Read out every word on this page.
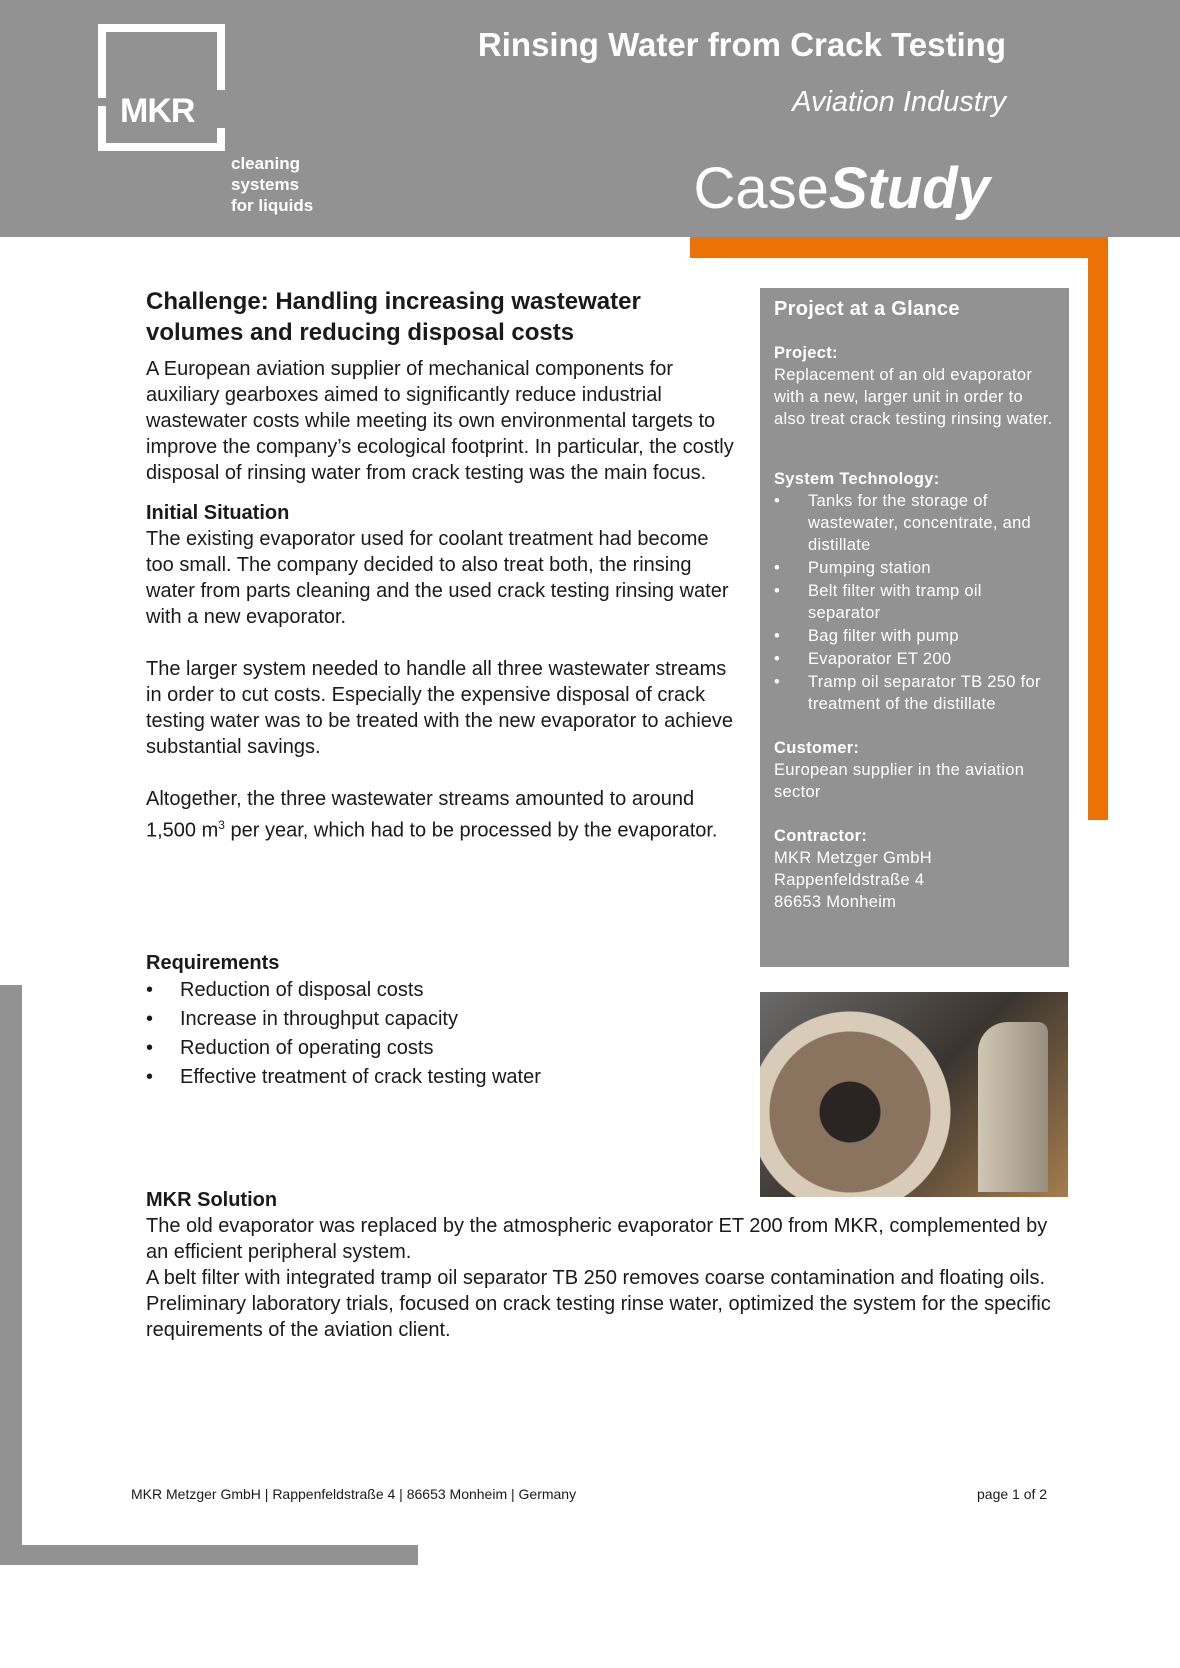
MKR
cleaning
systems
for liquids
Rinsing Water from Crack Testing
Aviation Industry
CaseStudy
Challenge: Handling increasing wastewater volumes and reducing disposal costs

A European aviation supplier of mechanical components for auxiliary gearboxes aimed to significantly reduce industrial wastewater costs while meeting its own environmental targets to improve the company’s ecological footprint. In particular, the costly disposal of rinsing water from crack testing was the main focus.

Initial Situation

The existing evaporator used for coolant treatment had become too small. The company decided to also treat both, the rinsing water from parts cleaning and the used crack testing rinsing water with a new evaporator.

The larger system needed to handle all three wastewater streams in order to cut costs. Especially the expensive disposal of crack testing water was to be treated with the new evaporator to achieve substantial savings.

Altogether, the three wastewater streams amounted to around 1,500 $m^3$ per year, which had to be processed by the evaporator.

Requirements
• Reduction of disposal costs
• Increase in throughput capacity
• Reduction of operating costs
• Effective treatment of crack testing water
MKR Solution

The old evaporator was replaced by the atmospheric evaporator ET 200 from MKR, complemented by an efficient peripheral system.

A belt filter with integrated tramp oil separator TB 250 removes coarse contamination and floating oils.

Preliminary laboratory trials, focused on crack testing rinse water, optimized the system for the specific requirements of the aviation client.

Project at a Glance
Project:
Replacement of an old evaporator with a new, larger unit in order to also treat crack testing rinsing water.
System Technology:
• Tanks for the storage of wastewater, concentrate, and distillate
• Pumping station
• Belt filter with tramp oil separator
• Bag filter with pump
• Evaporator ET 200
• Tramp oil separator TB 250 for treatment of the distillate
Customer:
European supplier in the aviation sector
Contractor:
MKR Metzger GmbH
Rappenfeldstraße 4
86653 Monheim
MKR Metzger GmbH | Rappenfeldstraße 4 | 86653 Monheim | Germany	page 1 of 2
